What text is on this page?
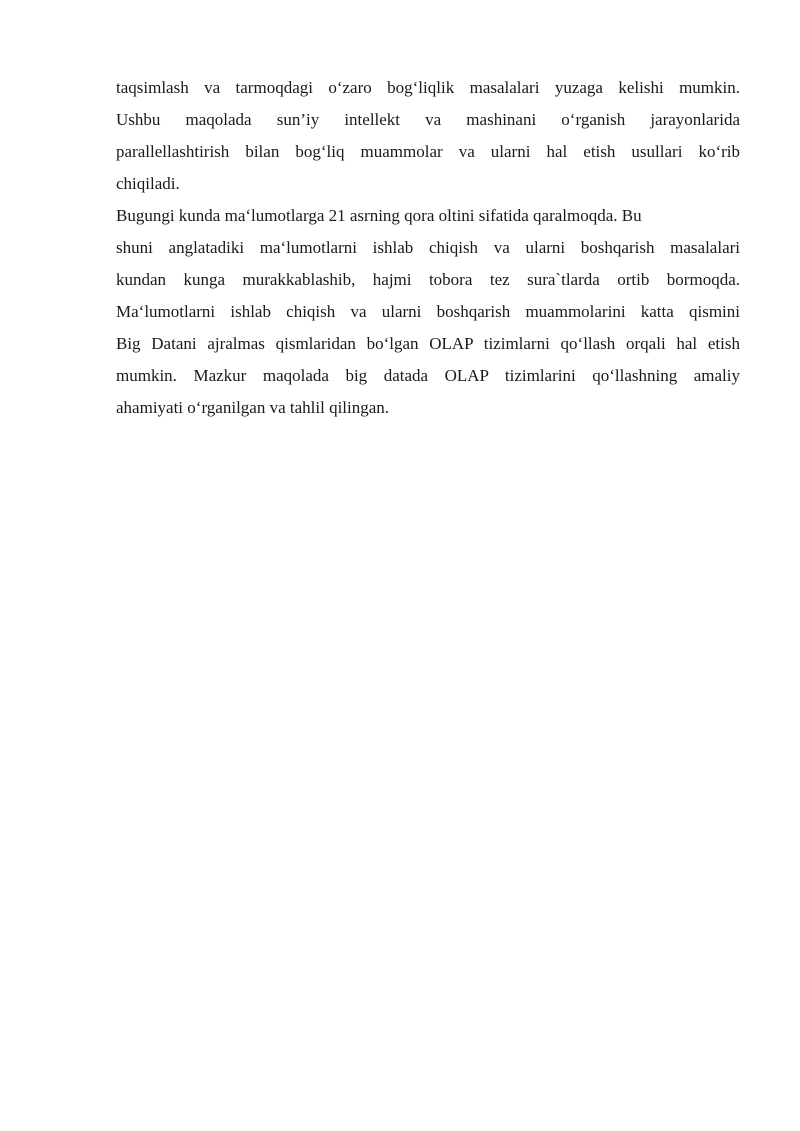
taqsimlash va tarmoqdagi o‘zaro bog‘liqlik masalalari yuzaga kelishi mumkin.
Ushbu maqolada sun’iy intellekt va mashinani o‘rganish jarayonlarida
parallellashtirish bilan bog‘liq muammolar va ularni hal etish usullari ko‘rib
chiqiladi.
Bugungi kunda ma‘lumotlarga 21 asrning qora oltini sifatida qaralmoqda. Bu
shuni anglatadiki ma‘lumotlarni ishlab chiqish va ularni boshqarish masalalari
kundan kunga murakkablashib, hajmi tobora tez sura`tlarda ortib bormoqda.
Ma‘lumotlarni ishlab chiqish va ularni boshqarish muammolarini katta qismini
Big Datani ajralmas qismlaridan bo‘lgan OLAP tizimlarni qo‘llash orqali hal etish
mumkin. Mazkur maqolada big datada OLAP tizimlarini qo‘llashning amaliy
ahamiyati o‘rganilgan va tahlil qilingan.
